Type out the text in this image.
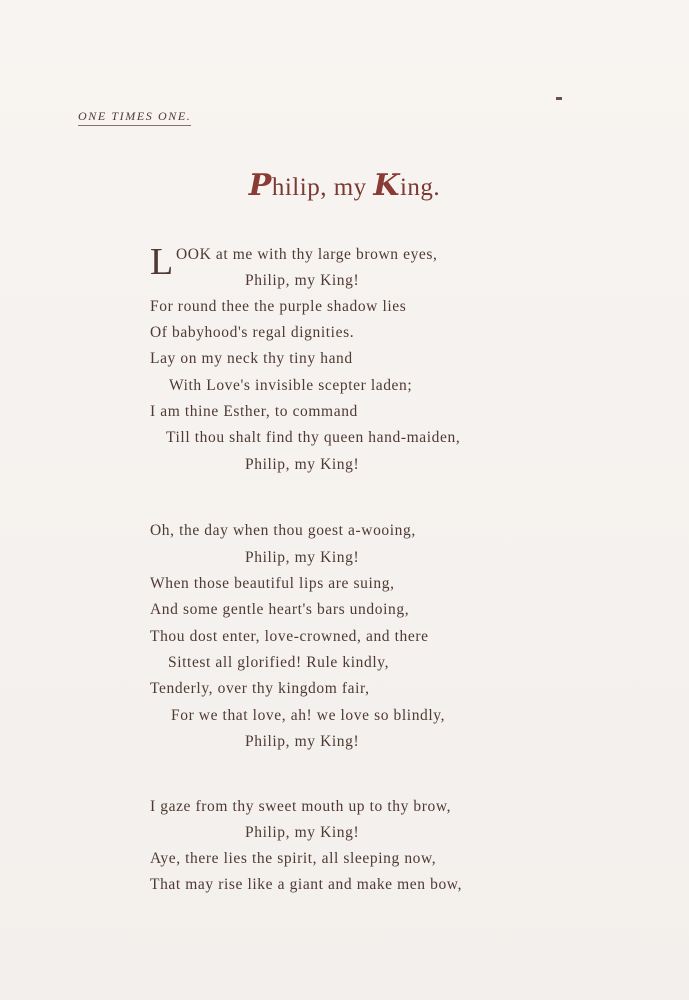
ONE TIMES ONE.
Philip, my King.
L OOK at me with thy large brown eyes,
Philip, my King!
For round thee the purple shadow lies
Of babyhood's regal dignities.
Lay on my neck thy tiny hand
With Love's invisible scepter laden;
I am thine Esther, to command
Till thou shalt find thy queen hand-maiden,
Philip, my King!
Oh, the day when thou goest a-wooing,
Philip, my King!
When those beautiful lips are suing,
And some gentle heart's bars undoing,
Thou dost enter, love-crowned, and there
Sittest all glorified! Rule kindly,
Tenderly, over thy kingdom fair,
For we that love, ah! we love so blindly,
Philip, my King!
I gaze from thy sweet mouth up to thy brow,
Philip, my King!
Aye, there lies the spirit, all sleeping now,
That may rise like a giant and make men bow,
